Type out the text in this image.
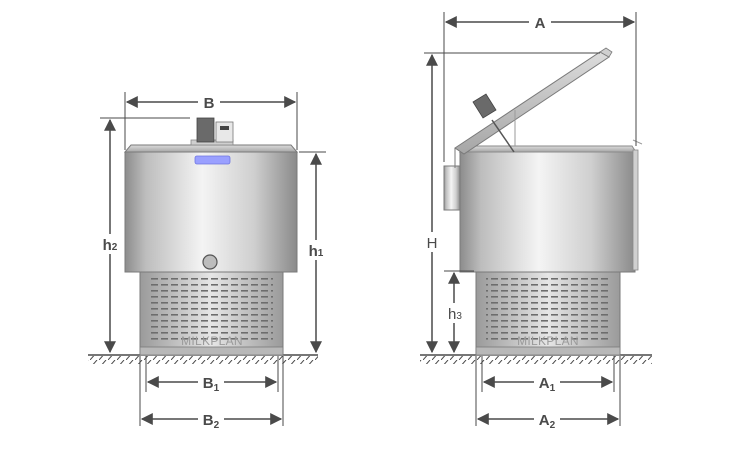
MILKPLAN
B
h2	h1
$B_1$
$B_2$
MILKPLAN
A
H
h3
$A_1$
$A_2$
